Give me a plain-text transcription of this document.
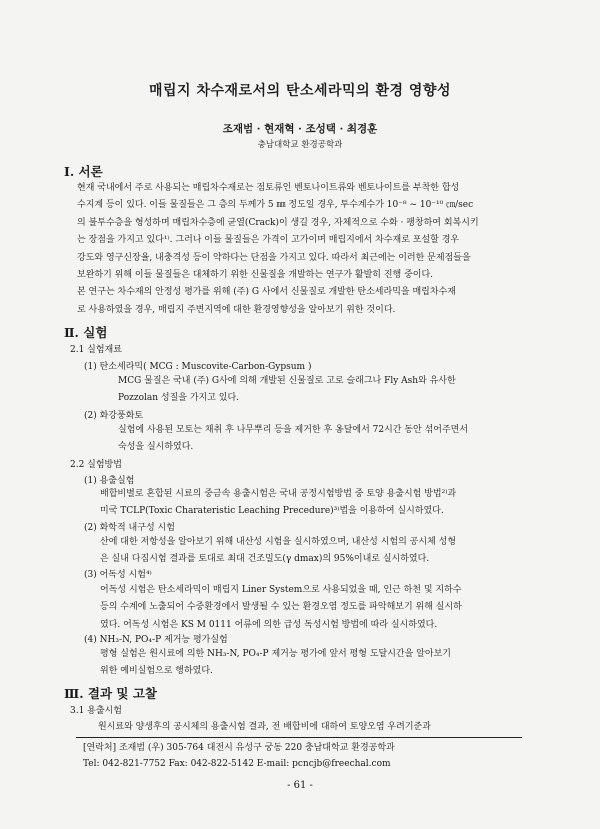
매립지 차수재로서의 탄소세라믹의 환경 영향성
조재범 · 현재혁 · 조성택 · 최경훈
충남대학교 환경공학과
Ⅰ. 서론
현재 국내에서 주로 사용되는 매립차수재로는 점토류인 벤토나이트류와 벤토나이트를 부착한 합성
수지계 등이 있다. 이들 물질들은 그 층의 두께가 5 ㎜ 정도일 경우, 투수계수가 10⁻⁸ ~ 10⁻¹⁰ ㎝/sec
의 불투수층을 형성하며 매립차수층에 균열(Crack)이 생길 경우, 자체적으로 수화 · 팽창하여 회복시키
는 장점을 가지고 있다¹⁾. 그러나 이들 물질들은 가격이 고가이며 매립지에서 차수재로 포설할 경우
강도와 영구신장율, 내충격성 등이 약하다는 단점을 가지고 있다. 따라서 최근에는 이러한 문제점들을
보완하기 위해 이들 물질들은 대체하기 위한 신물질을 개발하는 연구가 활발히 진행 중이다.
본 연구는 차수재의 안정성 평가를 위해 (주) G 사에서 신물질로 개발한 탄소세라믹을 매립차수재
로 사용하였을 경우, 매립지 주변지역에 대한 환경영향성을 알아보기 위한 것이다.
Ⅱ. 실험
2.1 실험재료
(1) 탄소세라믹( MCG : Muscovite-Carbon-Gypsum )
MCG 물질은 국내 (주) G사에 의해 개발된 신물질로 고로 슬래그나 Fly Ash와 유사한
Pozzolan 성질을 가지고 있다.
(2) 화강풍화토
실험에 사용된 모토는 채취 후 나무뿌리 등을 제거한 후 옹달에서 72시간 동안 섞어주면서
숙성을 실시하였다.
2.2 실험방법
(1) 용출실험
배합비별로 혼합된 시료의 중금속 용출시험은 국내 공정시험방법 중 토양 용출시험 방법²⁾과
미국 TCLP(Toxic Charateristic Leaching Precedure)³⁾법을 이용하여 실시하였다.
(2) 화학적 내구성 시험
산에 대한 저항성을 알아보기 위해 내산성 시험을 실시하였으며, 내산성 시험의 공시체 성형
은 실내 다짐시험 결과를 토대로 최대 건조밀도(γ dmax)의 95%이내로 실시하였다.
(3) 어독성 시험⁴⁾
어독성 시험은 탄소세라믹이 매립지 Liner System으로 사용되었을 때, 인근 하천 및 지하수
등의 수계에 노출되어 수중환경에서 발생될 수 있는 환경오염 정도를 파악해보기 위해 실시하
였다. 어독성 시험은 KS M 0111 어류에 의한 급성 독성시험 방법에 따라 실시하였다.
(4) NH₃-N, PO₄-P 제거능 평가실험
평형 실험은 원시료에 의한 NH₃-N, PO₄-P 제거능 평가에 앞서 평형 도달시간을 알아보기
위한 예비실험으로 행하였다.
Ⅲ. 결과 및 고찰
3.1 용출시험
원시료와 양생후의 공시체의 용출시험 결과, 전 배합비에 대하여 토양오염 우려기준과
[연락처] 조재범 (우) 305-764 대전시 유성구 궁동 220 충남대학교 환경공학과
Tel: 042-821-7752 Fax: 042-822-5142 E-mail: pcncjb@freechal.com
- 61 -
